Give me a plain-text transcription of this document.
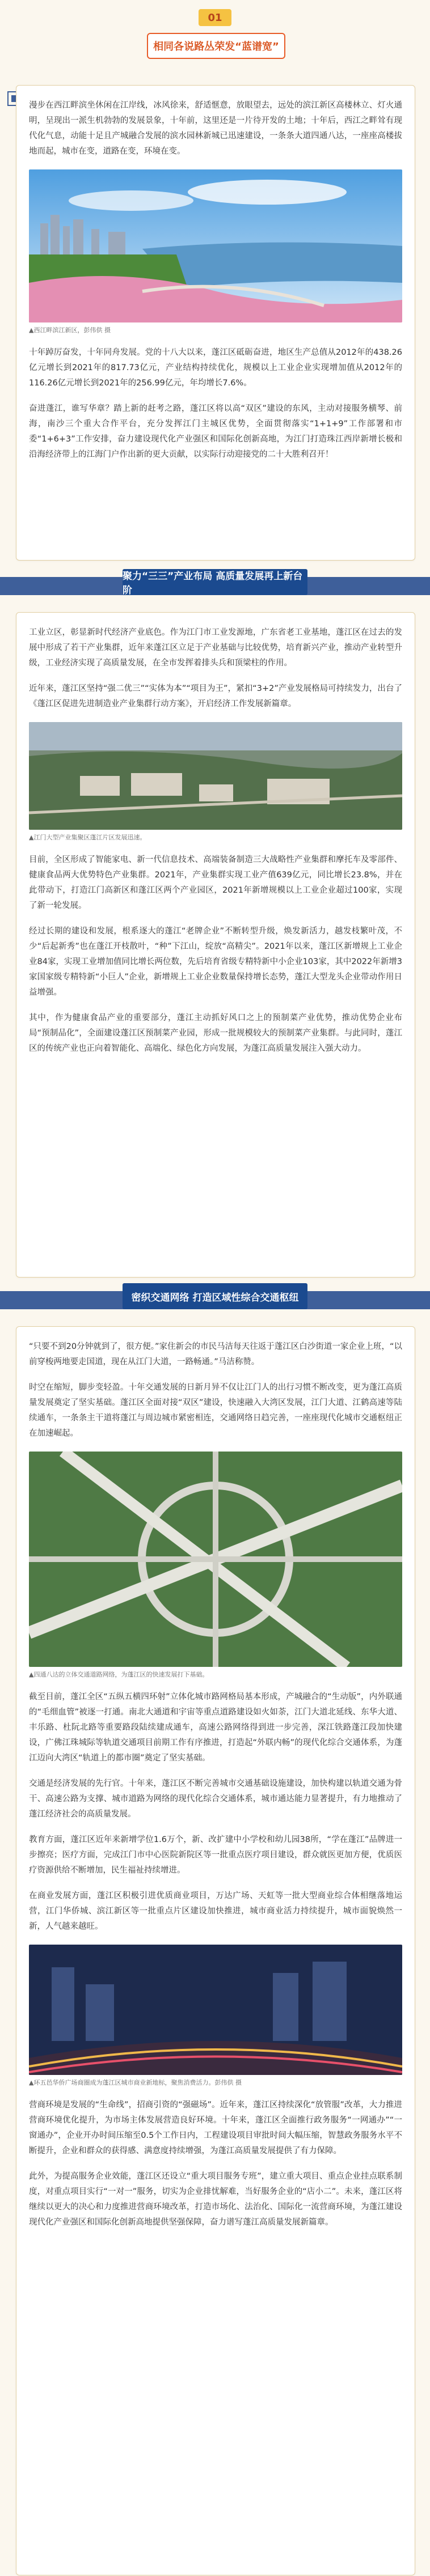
01
相同各说路丛荣发“蓝谱宽”

漫步在西江畔滨坐休闲在江岸线，冰风徐来，舒适惬意，放眼望去，远处的滨江新区高楼林立、灯火通明，呈现出一派生机勃勃的发展景象，十年前，这里还是一片待开发的土地；十年后，西江之畔耸有现代化气息，动能十足且产城融合发展的滨水园林新城已迅速建设，一条条大道四通八达，一座座高楼拔地而起，城市在变，道路在变，环境在变。

▲西江畔滨江新区，彭伟供 摄

十年踔厉奋发，十年同舟发展。党的十八大以来，蓬江区砥砺奋进，地区生产总值从2012年的438.26亿元增长到2021年的817.73亿元，产业结构持续优化，规模以上工业企业实现增加值从2012年的116.26亿元增长到2021年的256.99亿元，年均增长7.6%。

奋进蓬江，谁写华章？踏上新的赶考之路，蓬江区将以高“双区”建设的东风，主动对接服务横琴、前海，南沙三个重大合作平台，充分发挥江门主城区优势，全面贯彻落实“1+1+9”工作部署和市委“1+6+3”工作安排，奋力建设现代化产业强区和国际化创新高地，为江门打造珠江西岸新增长极和沿海经济带上的江海门户作出新的更大贡献，以实际行动迎接党的二十大胜利召开！

聚力“三三”产业布局 高质量发展再上新台阶

工业立区，彰显新时代经济产业底色。作为江门市工业发源地，广东省老工业基地，蓬江区在过去的发展中形成了若干产业集群，近年来蓬江区立足于产业基础与比较优势，培育新兴产业，推动产业转型升级，工业经济实现了高质量发展，在全市发挥着排头兵和顶梁柱的作用。

近年来，蓬江区坚持“强二优三”“实体为本”“项目为王”，紧扣“3+2”产业发展格局可持续发力，出台了《蓬江区促进先进制造业产业集群行动方案》，开启经济工作发展新篇章。

▲江门大型产业集聚区蓬江片区发展迅速。

目前，全区形成了智能家电、新一代信息技术、高端装备制造三大战略性产业集群和摩托车及零部件、健康食品两大优势特色产业集群。2021年，产业集群实现工业产值639亿元，同比增长23.8%，并在此带动下，打造江门高新区和蓬江区两个产业园区，2021年新增规模以上工业企业超过100家，实现了新一轮发展。

经过长期的建设和发展，根系逐大的蓬江“老牌企业”不断转型升级，焕发新活力，越发枝繁叶茂，不少“后起新秀”也在蓬江开枝散叶，“种”下江山，绽放“高精尖”。2021年以来，蓬江区新增规上工业企业84家，实现工业增加值同比增长两位数，先后培育省级专精特新中小企业103家，其中2022年新增3家国家级专精特新“小巨人”企业，新增规上工业企业数量保持增长态势，蓬江大型龙头企业带动作用日益增强。

其中，作为健康食品产业的重要部分，蓬江主动抓好风口之上的预制菜产业优势，推动优势企业布局“预制品化”，全面建设蓬江区预制菜产业园，形成一批规模较大的预制菜产业集群。与此同时，蓬江区的传统产业也正向着智能化、高端化、绿色化方向发展，为蓬江高质量发展注入强大动力。

密织交通网络 打造区域性综合交通枢纽

“只要不到20分钟就到了，很方便。”家住新会的市民马洁每天往返于蓬江区白沙街道一家企业上班，“以前穿梭两地要走国道，现在从江门大道，一路畅通。”马洁称赞。

时空在缩短，脚步变轻盈。十年交通发展的日新月异不仅让江门人的出行习惯不断改变，更为蓬江高质量发展奠定了坚实基础。蓬江区全面对接“双区”建设，快速融入大湾区发展，江门大道、江鹤高速等陆续通车，一条条主干道将蓬江与周边城市紧密相连，交通网络日趋完善，一座座现代化城市交通枢纽正在加速崛起。

▲四通八达的立体交通道路网络，为蓬江区的快速发展打下基础。

截至目前，蓬江全区“五纵五横四环射”立体化城市路网格局基本形成，产城融合的“生动版”，内外联通的“毛细血管”被逐一打通。南北大通道和宇宙等重点道路建设如火如荼，江门大道北延线、东华大道、丰乐路、杜阮北路等重要路段陆续建成通车，高速公路网络得到进一步完善，深江铁路蓬江段加快建设，广佛江珠城际等轨道交通项目前期工作有序推进，打造起“外联内畅”的现代化综合交通体系，为蓬江迈向大湾区“轨道上的都市圈”奠定了坚实基础。

交通是经济发展的先行官。十年来，蓬江区不断完善城市交通基础设施建设，加快构建以轨道交通为骨干、高速公路为支撑、城市道路为网络的现代化综合交通体系，城市通达能力显著提升，有力地推动了蓬江经济社会的高质量发展。

教育方面，蓬江区近年来新增学位1.6万个，新、改扩建中小学校和幼儿园38所，“学在蓬江”品牌进一步擦亮；医疗方面，完成江门市中心医院新院区等一批重点医疗项目建设，群众就医更加方便，优质医疗资源供给不断增加，民生福祉持续增进。

在商业发展方面，蓬江区积极引进优质商业项目，万达广场、天虹等一批大型商业综合体相继落地运营，江门华侨城、滨江新区等一批重点片区建设加快推进，城市商业活力持续提升，城市面貌焕然一新，人气越来越旺。

▲环五邑华侨广场商圈成为蓬江区城市商业新地标，聚焦消费活力。彭伟供 摄

营商环境是发展的“生命线”，招商引资的“强磁场”。近年来，蓬江区持续深化“放管服”改革，大力推进营商环境优化提升，为市场主体发展营造良好环境。十年来，蓬江区全面推行政务服务“一网通办”“一窗通办”，企业开办时间压缩至0.5个工作日内，工程建设项目审批时间大幅压缩，智慧政务服务水平不断提升，企业和群众的获得感、满意度持续增强，为蓬江高质量发展提供了有力保障。

此外，为提高服务企业效能，蓬江区还设立“重大项目服务专班”，建立重大项目、重点企业挂点联系制度，对重点项目实行“一对一”服务，切实为企业排忧解难，当好服务企业的“店小二”。未来，蓬江区将继续以更大的决心和力度推进营商环境改革，打造市场化、法治化、国际化一流营商环境，为蓬江建设现代化产业强区和国际化创新高地提供坚强保障，奋力谱写蓬江高质量发展新篇章。
